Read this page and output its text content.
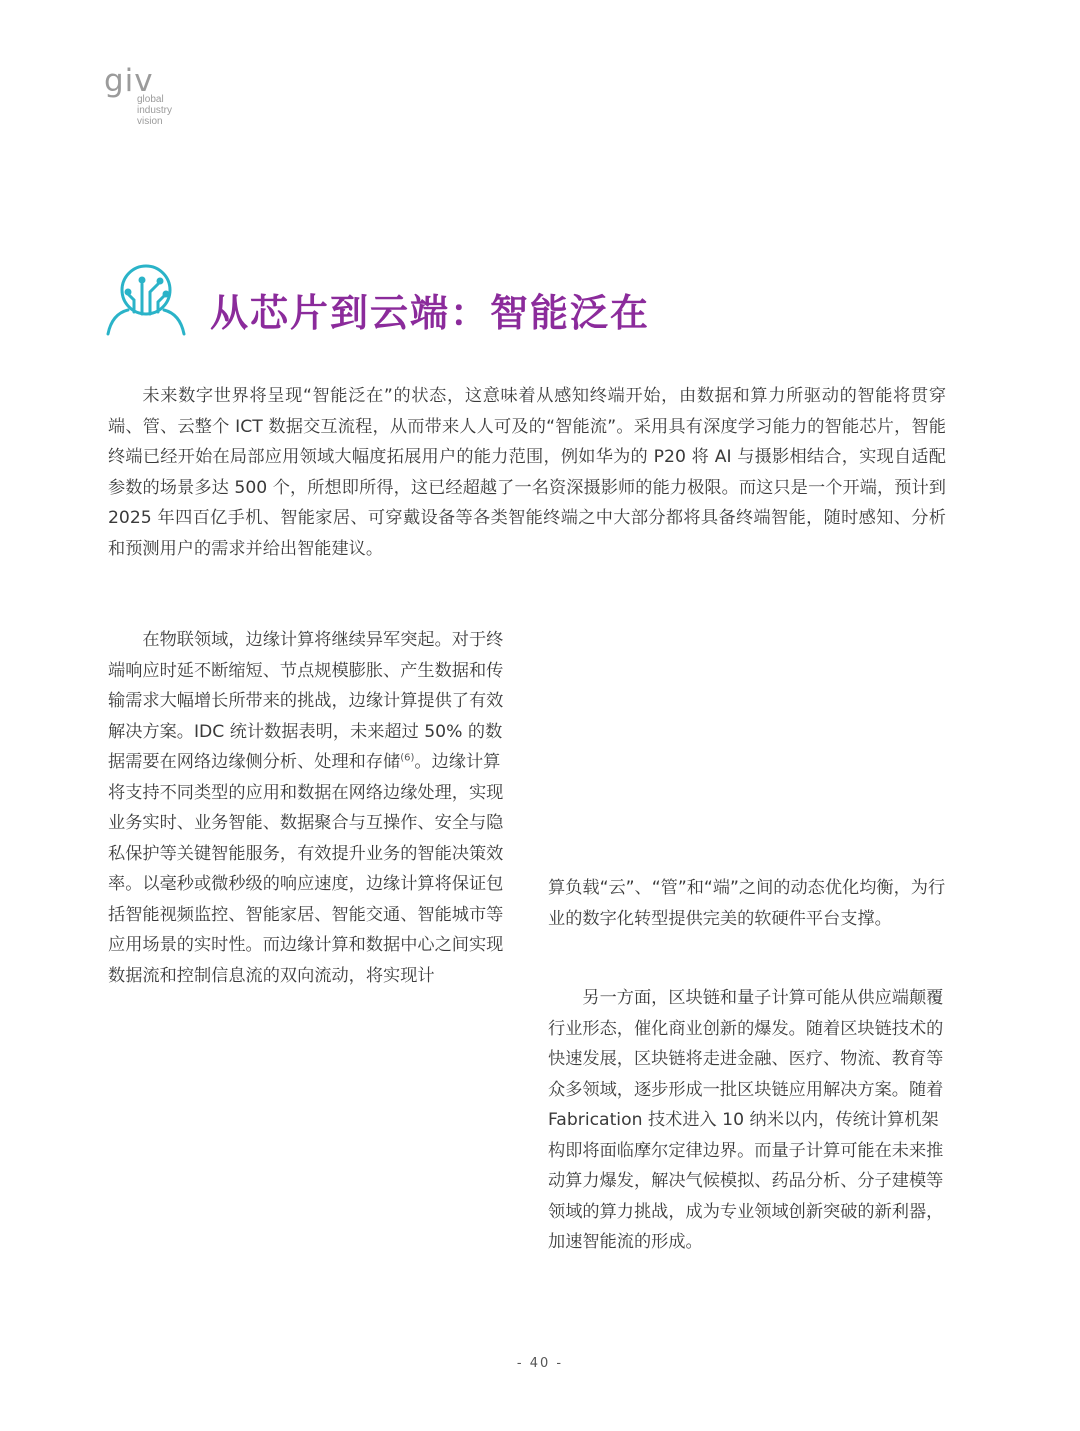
giv
global
industry
vision
从芯片到云端：智能泛在

未来数字世界将呈现“智能泛在”的状态，这意味着从感知终端开始，由数据和算力所驱动的智能将贯穿端、管、云整个 ICT 数据交互流程，从而带来人人可及的“智能流”。采用具有深度学习能力的智能芯片，智能终端已经开始在局部应用领域大幅度拓展用户的能力范围，例如华为的 P20 将 AI 与摄影相结合，实现自适配参数的场景多达 500 个，所想即所得，这已经超越了一名资深摄影师的能力极限。而这只是一个开端，预计到 2025 年四百亿手机、智能家居、可穿戴设备等各类智能终端之中大部分都将具备终端智能，随时感知、分析和预测用户的需求并给出智能建议。

在物联领域，边缘计算将继续异军突起。对于终端响应时延不断缩短、节点规模膨胀、产生数据和传输需求大幅增长所带来的挑战，边缘计算提供了有效解决方案。IDC 统计数据表明，未来超过 50% 的数据需要在网络边缘侧分析、处理和存储$^{(6)}$。边缘计算将支持不同类型的应用和数据在网络边缘处理，实现业务实时、业务智能、数据聚合与互操作、安全与隐私保护等关键智能服务，有效提升业务的智能决策效率。以毫秒或微秒级的响应速度，边缘计算将保证包括智能视频监控、智能家居、智能交通、智能城市等应用场景的实时性。而边缘计算和数据中心之间实现数据流和控制信息流的双向流动，将实现计

算负载“云”、“管”和“端”之间的动态优化均衡，为行业的数字化转型提供完美的软硬件平台支撑。

另一方面，区块链和量子计算可能从供应端颠覆行业形态，催化商业创新的爆发。随着区块链技术的快速发展，区块链将走进金融、医疗、物流、教育等众多领域，逐步形成一批区块链应用解决方案。随着 Fabrication 技术进入 10 纳米以内，传统计算机架构即将面临摩尔定律边界。而量子计算可能在未来推动算力爆发，解决气候模拟、药品分析、分子建模等领域的算力挑战，成为专业领域创新突破的新利器，加速智能流的形成。

- 40 -
